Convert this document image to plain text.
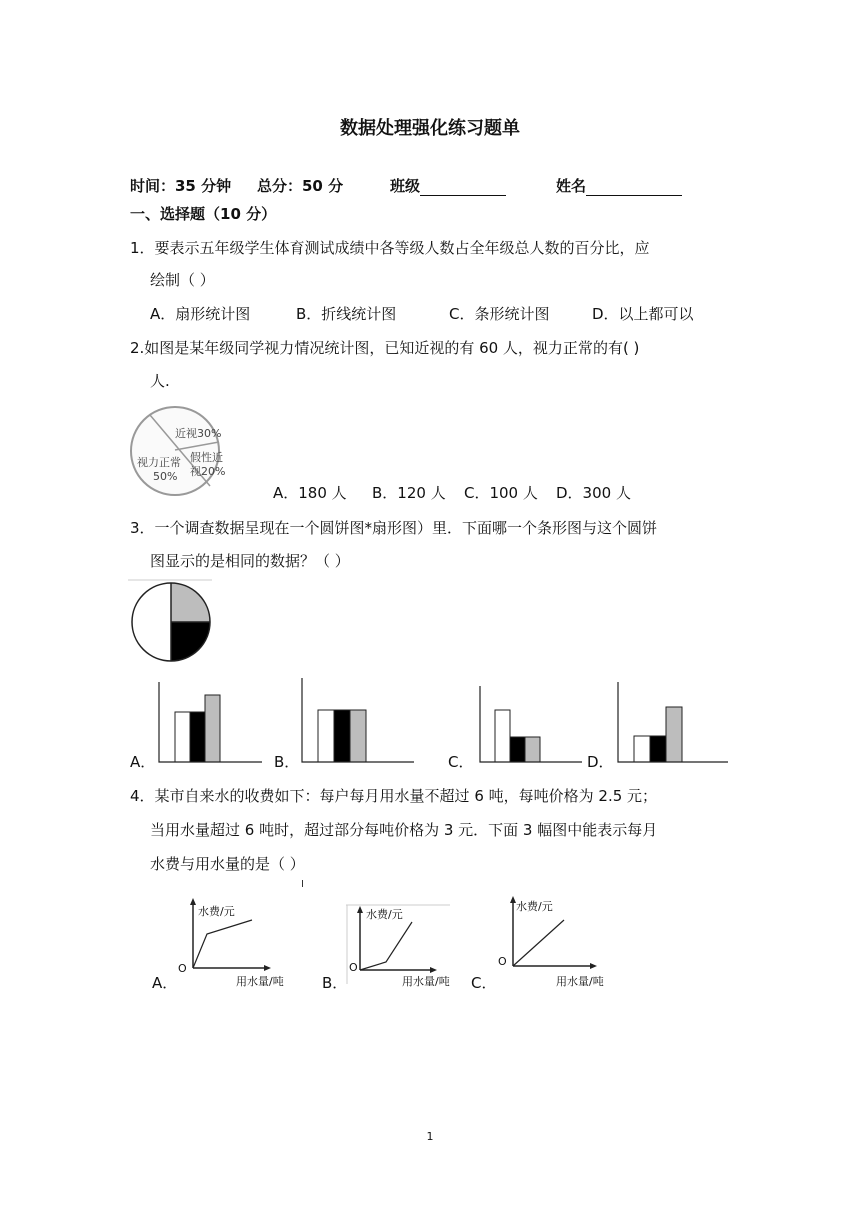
数据处理强化练习题单
时间：35 分钟 总分：50 分	班级	姓名
一、选择题（10 分）
1．要表示五年级学生体育测试成绩中各等级人数占全年级总人数的百分比，应
绘制（ ）
A．扇形统计图	B．折线统计图	C．条形统计图	D．以上都可以
2.如图是某年级同学视力情况统计图，已知近视的有 60 人，视力正常的有( )
人.
近视30%
假性近
视20%
视力正常
50%
A．180 人 B．120 人 C．100 人 D．300 人
3．一个调查数据呈现在一个圆饼图*扇形图）里．下面哪一个条形图与这个圆饼
图显示的是相同的数据？（ ）
A．	B．	C．	D．
4．某市自来水的收费如下：每户每月用水量不超过 6 吨，每吨价格为 2.5 元；
当用水量超过 6 吨时，超过部分每吨价格为 3 元．下面 3 幅图中能表示每月
水费与用水量的是（ ）
A．
水费/元
用水量/吨
O
B．
水费/元
用水量/吨
O
C．
水费/元
用水量/吨
O
1
